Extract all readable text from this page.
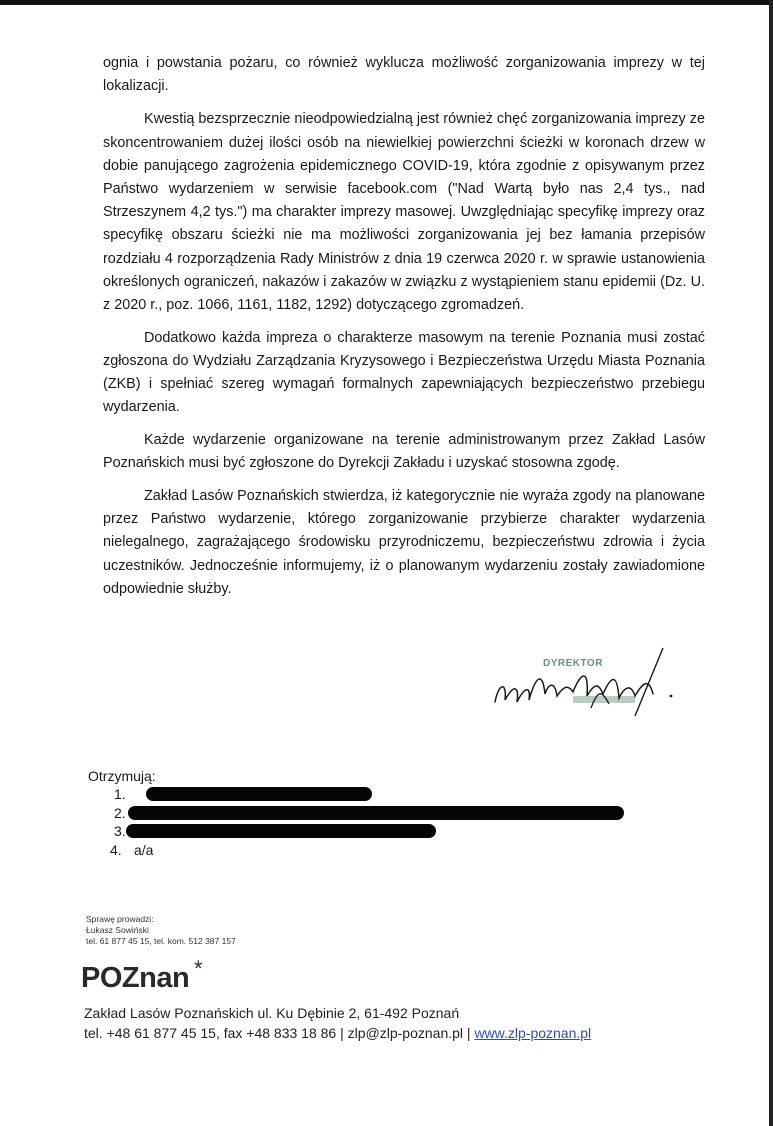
ognia i powstania pożaru, co również wyklucza możliwość zorganizowania imprezy w tej lokalizacji.

Kwestią bezsprzecznie nieodpowiedzialną jest również chęć zorganizowania imprezy ze skoncentrowaniem dużej ilości osób na niewielkiej powierzchni ścieżki w koronach drzew w dobie panującego zagrożenia epidemicznego COVID-19, która zgodnie z opisywanym przez Państwo wydarzeniem w serwisie facebook.com ("Nad Wartą było nas 2,4 tys., nad Strzeszynem 4,2 tys.") ma charakter imprezy masowej. Uwzględniając specyfikę imprezy oraz specyfikę obszaru ścieżki nie ma możliwości zorganizowania jej bez łamania przepisów rozdziału 4 rozporządzenia Rady Ministrów z dnia 19 czerwca 2020 r. w sprawie ustanowienia określonych ograniczeń, nakazów i zakazów w związku z wystąpieniem stanu epidemii (Dz. U. z 2020 r., poz. 1066, 1161, 1182, 1292) dotyczącego zgromadzeń.

Dodatkowo każda impreza o charakterze masowym na terenie Poznania musi zostać zgłoszona do Wydziału Zarządzania Kryzysowego i Bezpieczeństwa Urzędu Miasta Poznania (ZKB) i spełniać szereg wymagań formalnych zapewniających bezpieczeństwo przebiegu wydarzenia.

Każde wydarzenie organizowane na terenie administrowanym przez Zakład Lasów Poznańskich musi być zgłoszone do Dyrekcji Zakładu i uzyskać stosowna zgodę.

Zakład Lasów Poznańskich stwierdza, iż kategorycznie nie wyraża zgody na planowane przez Państwo wydarzenie, którego zorganizowanie przybierze charakter wydarzenia nielegalnego, zagrażającego środowisku przyrodniczemu, bezpieczeństwu zdrowia i życia uczestników. Jednocześnie informujemy, iż o planowanym wydarzeniu zostały zawiadomione odpowiednie służby.

DYREKTOR
Otrzymują:
1.
2.
3.
4. a/a
Sprawę prowadzi:
Łukasz Sowiński
tel. 61 877 45 15, tel. kom. 512 387 157
POZnan *
Zakład Lasów Poznańskich ul. Ku Dębinie 2, 61-492 Poznań
tel. +48 61 877 45 15, fax +48 833 18 86 | zlp@zlp-poznan.pl | www.zlp-poznan.pl
